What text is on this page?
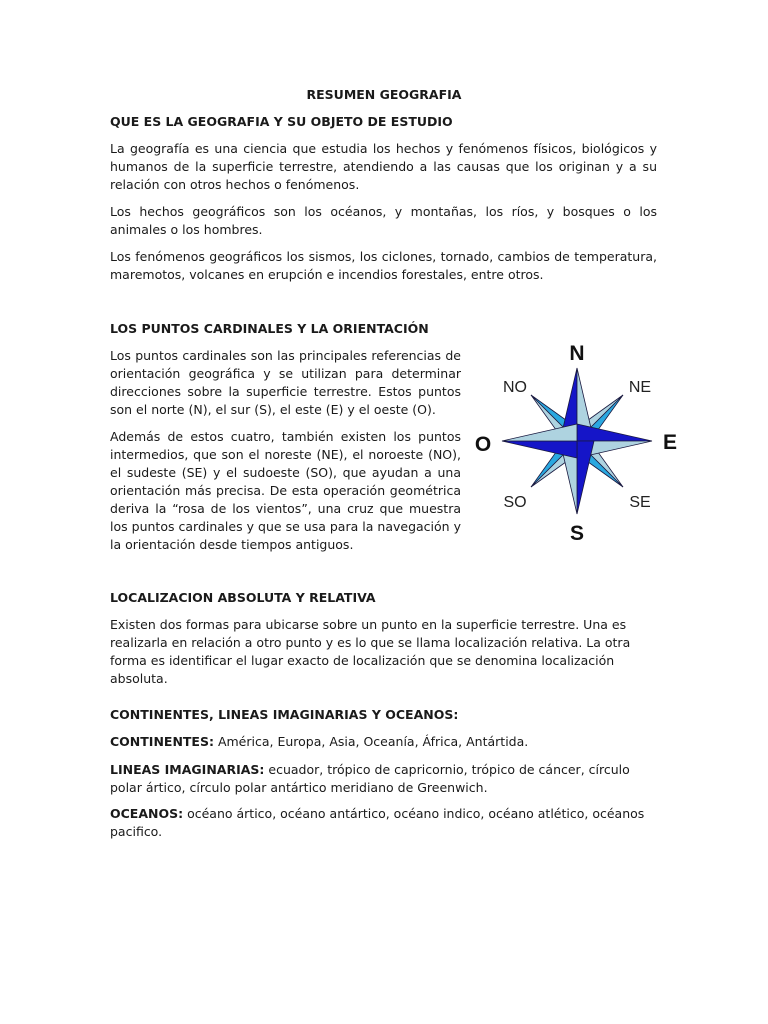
RESUMEN GEOGRAFIA

QUE ES LA GEOGRAFIA Y SU OBJETO DE ESTUDIO

La geografía es una ciencia que estudia los hechos y fenómenos físicos, biológicos y humanos de la superficie terrestre, atendiendo a las causas que los originan y a su relación con otros hechos o fenómenos.

Los hechos geográficos son los océanos, y montañas, los ríos, y bosques o los animales o los hombres.

Los fenómenos geográficos los sismos, los ciclones, tornado, cambios de temperatura, maremotos, volcanes en erupción e incendios forestales, entre otros.

LOS PUNTOS CARDINALES Y LA ORIENTACIÓN

Los puntos cardinales son las principales referencias de orientación geográfica y se utilizan para determinar direcciones sobre la superficie terrestre. Estos puntos son el norte (N), el sur (S), el este (E) y el oeste (O).

Además de estos cuatro, también existen los puntos intermedios, que son el noreste (NE), el noroeste (NO), el sudeste (SE) y el sudoeste (SO), que ayudan a una orientación más precisa. De esta operación geométrica deriva la “rosa de los vientos”, una cruz que muestra los puntos cardinales y que se usa para la navegación y la orientación desde tiempos antiguos.

N
S
E
O
NE
NO
SE
SO

LOCALIZACION ABSOLUTA Y RELATIVA

Existen dos formas para ubicarse sobre un punto en la superficie terrestre. Una es realizarla en relación a otro punto y es lo que se llama localización relativa. La otra forma es identificar el lugar exacto de localización que se denomina localización absoluta.

CONTINENTES, LINEAS IMAGINARIAS Y OCEANOS:

CONTINENTES: América, Europa, Asia, Oceanía, África, Antártida.

LINEAS IMAGINARIAS: ecuador, trópico de capricornio, trópico de cáncer, círculo polar ártico, círculo polar antártico meridiano de Greenwich.

OCEANOS: océano ártico, océano antártico, océano indico, océano atlético, océanos pacifico.
